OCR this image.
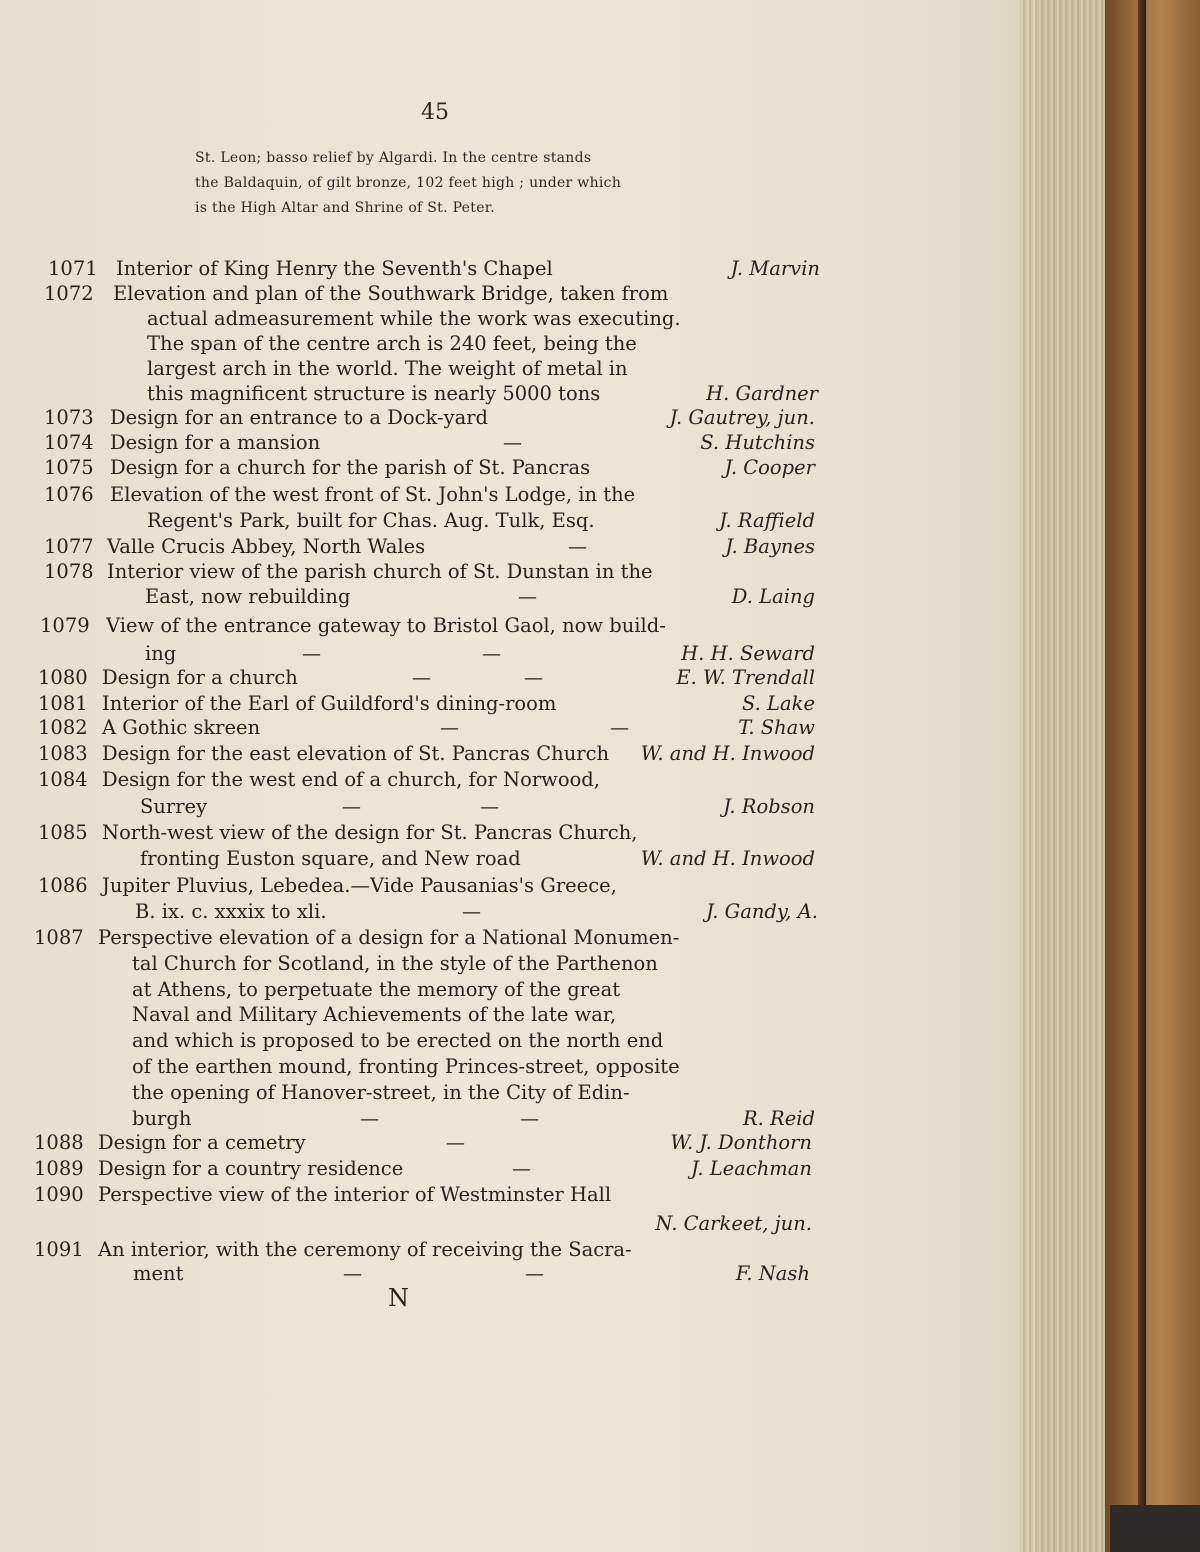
45
St. Leon; basso relief by Algardi. In the centre stands
the Baldaquin, of gilt bronze, 102 feet high ; under which
is the High Altar and Shrine of St. Peter.
1071 Interior of King Henry the Seventh's Chapel	J. Marvin
1072 Elevation and plan of the Southwark Bridge, taken from
actual admeasurement while the work was executing.
The span of the centre arch is 240 feet, being the
largest arch in the world. The weight of metal in
this magnificent structure is nearly 5000 tons	H. Gardner
1073 Design for an entrance to a Dock-yard	J. Gautrey, jun.
1074 Design for a mansion	—	S. Hutchins
1075 Design for a church for the parish of St. Pancras	J. Cooper
1076 Elevation of the west front of St. John's Lodge, in the
Regent's Park, built for Chas. Aug. Tulk, Esq.	J. Raffield
1077 Valle Crucis Abbey, North Wales	—	J. Baynes
1078 Interior view of the parish church of St. Dunstan in the
East, now rebuilding	—	D. Laing
1079 View of the entrance gateway to Bristol Gaol, now build-
ing	—	—	H. H. Seward
1080 Design for a church	—	—	E. W. Trendall
1081 Interior of the Earl of Guildford's dining-room	S. Lake
1082 A Gothic skreen	—	—	T. Shaw
1083 Design for the east elevation of St. Pancras Church W. and H. Inwood
1084 Design for the west end of a church, for Norwood,
Surrey	—	—	J. Robson
1085 North-west view of the design for St. Pancras Church,
fronting Euston square, and New road	W. and H. Inwood
1086 Jupiter Pluvius, Lebedea.—Vide Pausanias's Greece,
B. ix. c. xxxix to xli.	—	J. Gandy, A.
1087 Perspective elevation of a design for a National Monumen-
tal Church for Scotland, in the style of the Parthenon
at Athens, to perpetuate the memory of the great
Naval and Military Achievements of the late war,
and which is proposed to be erected on the north end
of the earthen mound, fronting Princes-street, opposite
the opening of Hanover-street, in the City of Edin-
burgh	—	—	R. Reid
1088 Design for a cemetry	—	W. J. Donthorn
1089 Design for a country residence	—	J. Leachman
1090 Perspective view of the interior of Westminster Hall
N. Carkeet, jun.
1091 An interior, with the ceremony of receiving the Sacra-
ment	—	—	F. Nash
N
